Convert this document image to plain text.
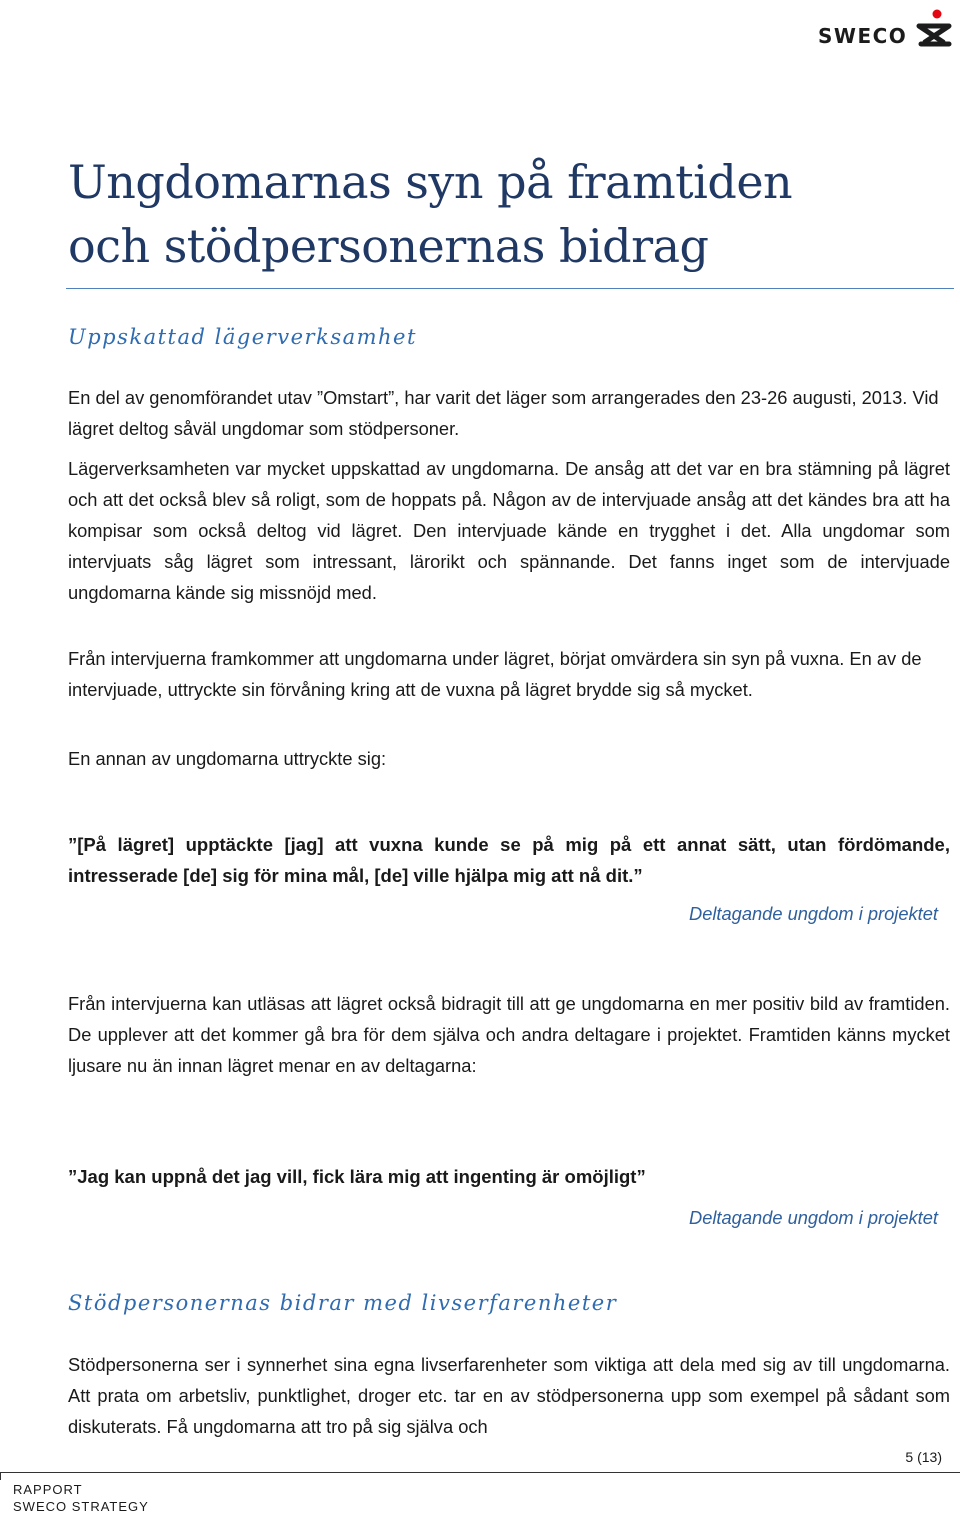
SWECO
Ungdomarnas syn på framtiden
och stödpersonernas bidrag
Uppskattad lägerverksamhet

En del av genomförandet utav ”Omstart”, har varit det läger som arrangerades den 23-26 augusti, 2013. Vid lägret deltog såväl ungdomar som stödpersoner.

Lägerverksamheten var mycket uppskattad av ungdomarna. De ansåg att det var en bra stämning på lägret och att det också blev så roligt, som de hoppats på. Någon av de intervjuade ansåg att det kändes bra att ha kompisar som också deltog vid lägret. Den intervjuade kände en trygghet i det. Alla ungdomar som intervjuats såg lägret som intressant, lärorikt och spännande. Det fanns inget som de intervjuade ungdomarna kände sig missnöjd med.

Från intervjuerna framkommer att ungdomarna under lägret, börjat omvärdera sin syn på vuxna. En av de intervjuade, uttryckte sin förvåning kring att de vuxna på lägret brydde sig så mycket.

En annan av ungdomarna uttryckte sig:

”[På lägret] upptäckte [jag] att vuxna kunde se på mig på ett annat sätt, utan fördömande, intresserade [de] sig för mina mål, [de] ville hjälpa mig att nå dit.”

Deltagande ungdom i projektet

Från intervjuerna kan utläsas att lägret också bidragit till att ge ungdomarna en mer positiv bild av framtiden. De upplever att det kommer gå bra för dem själva och andra deltagare i projektet. Framtiden känns mycket ljusare nu än innan lägret menar en av deltagarna:

”Jag kan uppnå det jag vill, fick lära mig att ingenting är omöjligt”

Deltagande ungdom i projektet

Stödpersonernas bidrar med livserfarenheter

Stödpersonerna ser i synnerhet sina egna livserfarenheter som viktiga att dela med sig av till ungdomarna. Att prata om arbetsliv, punktlighet, droger etc. tar en av stödpersonerna upp som exempel på sådant som diskuterats. Få ungdomarna att tro på sig själva och

5 (13)
RAPPORT
SWECO STRATEGY
